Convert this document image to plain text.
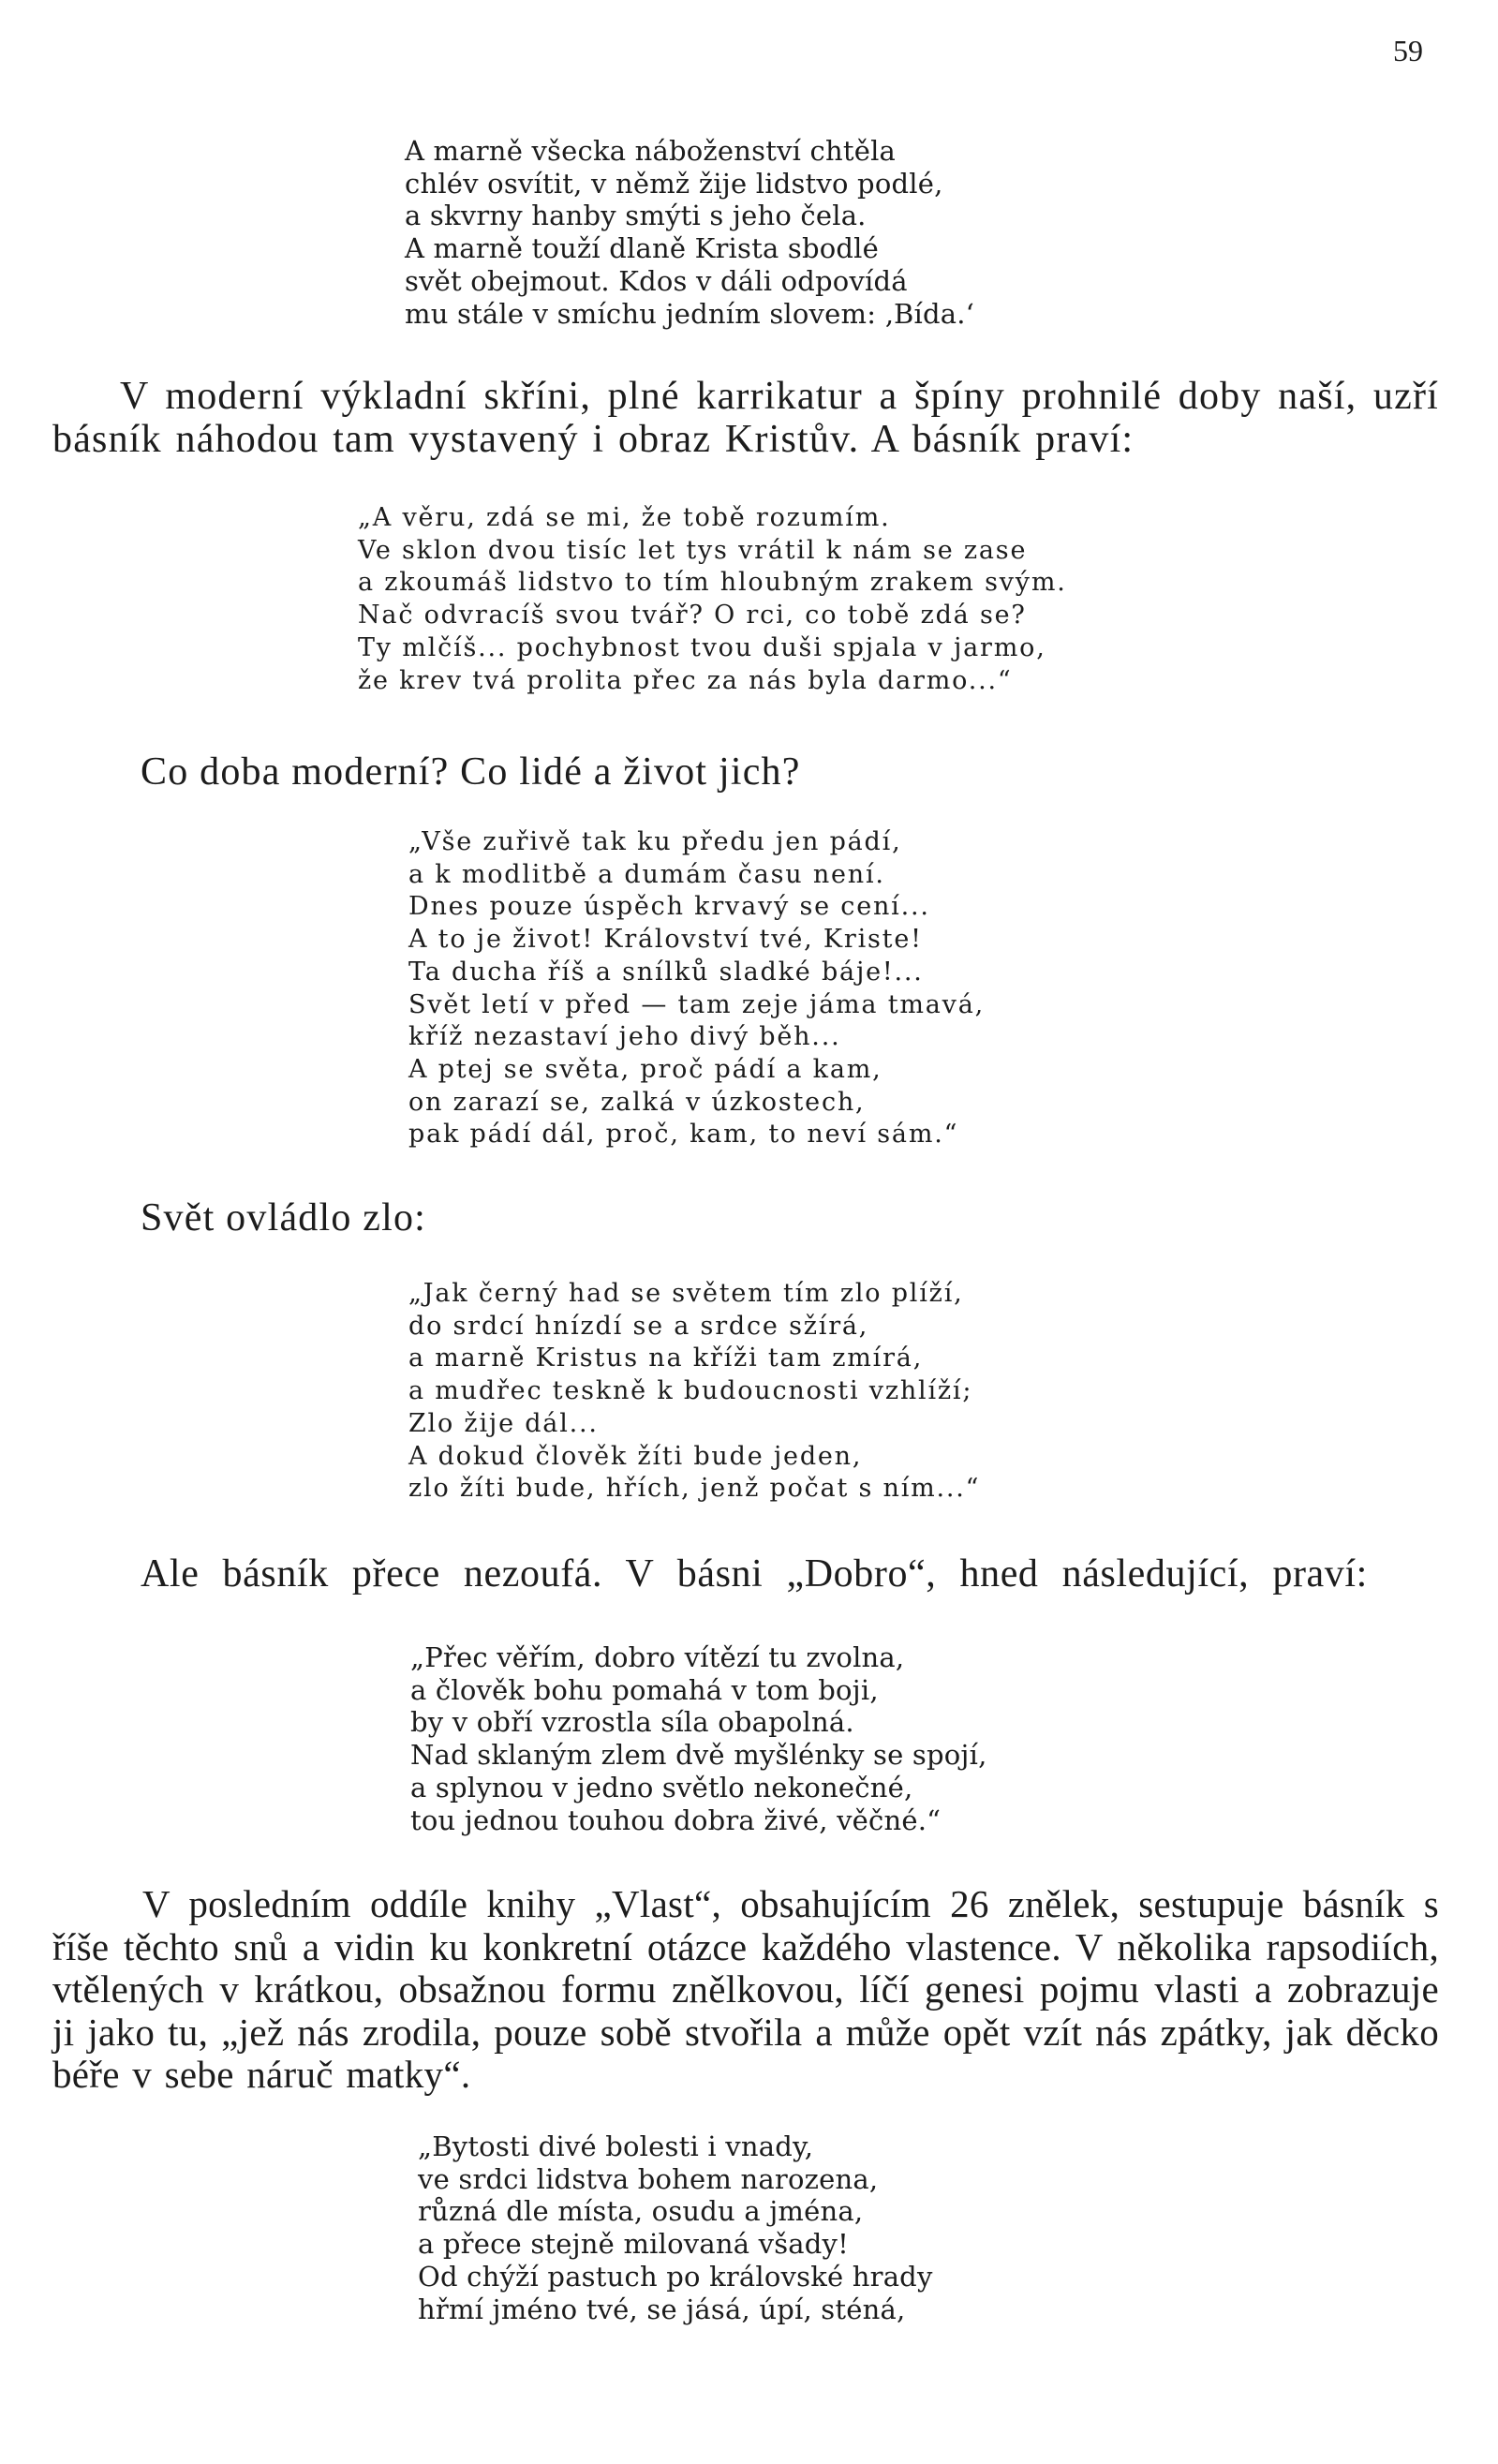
59
A marně všecka náboženství chtěla
chlév osvítit, v němž žije lidstvo podlé,
a skvrny hanby smýti s jeho čela.
A marně touží dlaně Krista sbodlé
svět obejmout. Kdos v dáli odpovídá
mu stále v smíchu jedním slovem: ‚Bída.‘
V moderní výkladní skříni, plné karrikatur a špíny prohnilé doby naší, uzří básník náhodou tam vystavený i obraz Kristův. A básník praví:
„A věru, zdá se mi, že tobě rozumím.
Ve sklon dvou tisíc let tys vrátil k nám se zase
a zkoumáš lidstvo to tím hloubným zrakem svým.
Nač odvracíš svou tvář? O rci, co tobě zdá se?
Ty mlčíš... pochybnost tvou duši spjala v jarmo,
že krev tvá prolita přec za nás byla darmo...“
Co doba moderní? Co lidé a život jich?
„Vše zuřivě tak ku předu jen pádí,
a k modlitbě a dumám času není.
Dnes pouze úspěch krvavý se cení...
A to je život! Království tvé, Kriste!
Ta ducha říš a snílků sladké báje!...
Svět letí v před — tam zeje jáma tmavá,
kříž nezastaví jeho divý běh...
A ptej se světa, proč pádí a kam,
on zarazí se, zalká v úzkostech,
pak pádí dál, proč, kam, to neví sám.“
Svět ovládlo zlo:
„Jak černý had se světem tím zlo plíží,
do srdcí hnízdí se a srdce sžírá,
a marně Kristus na kříži tam zmírá,
a mudřec teskně k budoucnosti vzhlíží;
Zlo žije dál...
A dokud člověk žíti bude jeden,
zlo žíti bude, hřích, jenž počat s ním...“
Ale básník přece nezoufá. V básni „Dobro“, hned následující, praví:
„Přec věřím, dobro vítězí tu zvolna,
a člověk bohu pomahá v tom boji,
by v obří vzrostla síla obapolná.
Nad sklaným zlem dvě myšlénky se spojí,
a splynou v jedno světlo nekonečné,
tou jednou touhou dobra živé, věčné.“
V posledním oddíle knihy „Vlast“, obsahujícím 26 znělek, sestupuje básník s říše těchto snů a vidin ku konkretní otázce každého vlastence. V několika rapsodiích, vtělených v krátkou, obsažnou formu znělkovou, líčí genesi pojmu vlasti a zobrazuje ji jako tu, „jež nás zrodila, pouze sobě stvořila a může opět vzít nás zpátky, jak děcko béře v sebe náruč matky“.
„Bytosti divé bolesti i vnady,
ve srdci lidstva bohem narozena,
různá dle místa, osudu a jména,
a přece stejně milovaná všady!
Od chýží pastuch po královské hrady
hřmí jméno tvé, se jásá, úpí, sténá,
